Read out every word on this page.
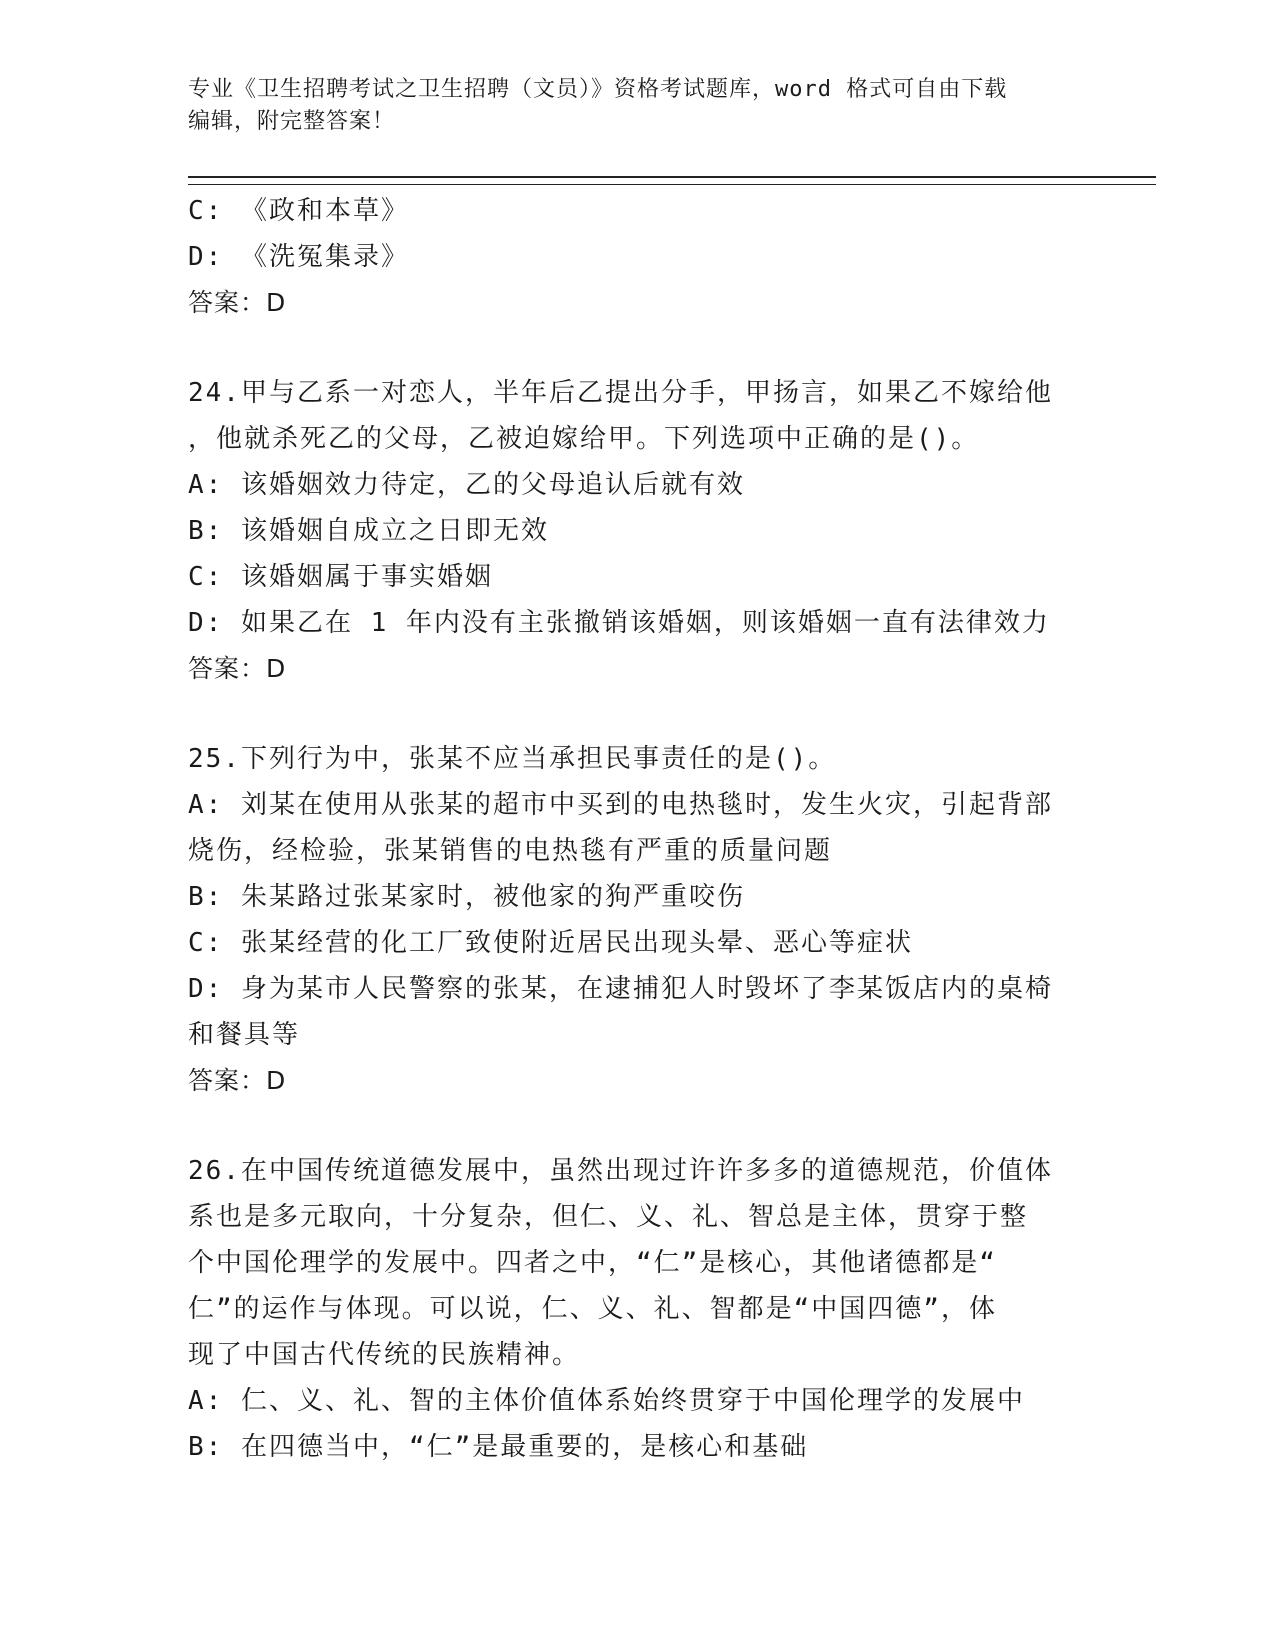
专业《卫生招聘考试之卫生招聘（文员）》资格考试题库，word 格式可自由下载
编辑，附完整答案！
C: 《政和本草》
D: 《洗冤集录》
答案：D
24.甲与乙系一对恋人，半年后乙提出分手，甲扬言，如果乙不嫁给他
，他就杀死乙的父母，乙被迫嫁给甲。下列选项中正确的是()。
A: 该婚姻效力待定，乙的父母追认后就有效
B: 该婚姻自成立之日即无效
C: 该婚姻属于事实婚姻
D: 如果乙在 1 年内没有主张撤销该婚姻，则该婚姻一直有法律效力
答案：D
25.下列行为中，张某不应当承担民事责任的是()。
A: 刘某在使用从张某的超市中买到的电热毯时，发生火灾，引起背部
烧伤，经检验，张某销售的电热毯有严重的质量问题
B: 朱某路过张某家时，被他家的狗严重咬伤
C: 张某经营的化工厂致使附近居民出现头晕、恶心等症状
D: 身为某市人民警察的张某，在逮捕犯人时毁坏了李某饭店内的桌椅
和餐具等
答案：D
26.在中国传统道德发展中，虽然出现过许许多多的道德规范，价值体
系也是多元取向，十分复杂，但仁、义、礼、智总是主体，贯穿于整
个中国伦理学的发展中。四者之中，“仁”是核心，其他诸德都是“
仁”的运作与体现。可以说，仁、义、礼、智都是“中国四德”，体
现了中国古代传统的民族精神。
A: 仁、义、礼、智的主体价值体系始终贯穿于中国伦理学的发展中
B: 在四德当中，“仁”是最重要的，是核心和基础
